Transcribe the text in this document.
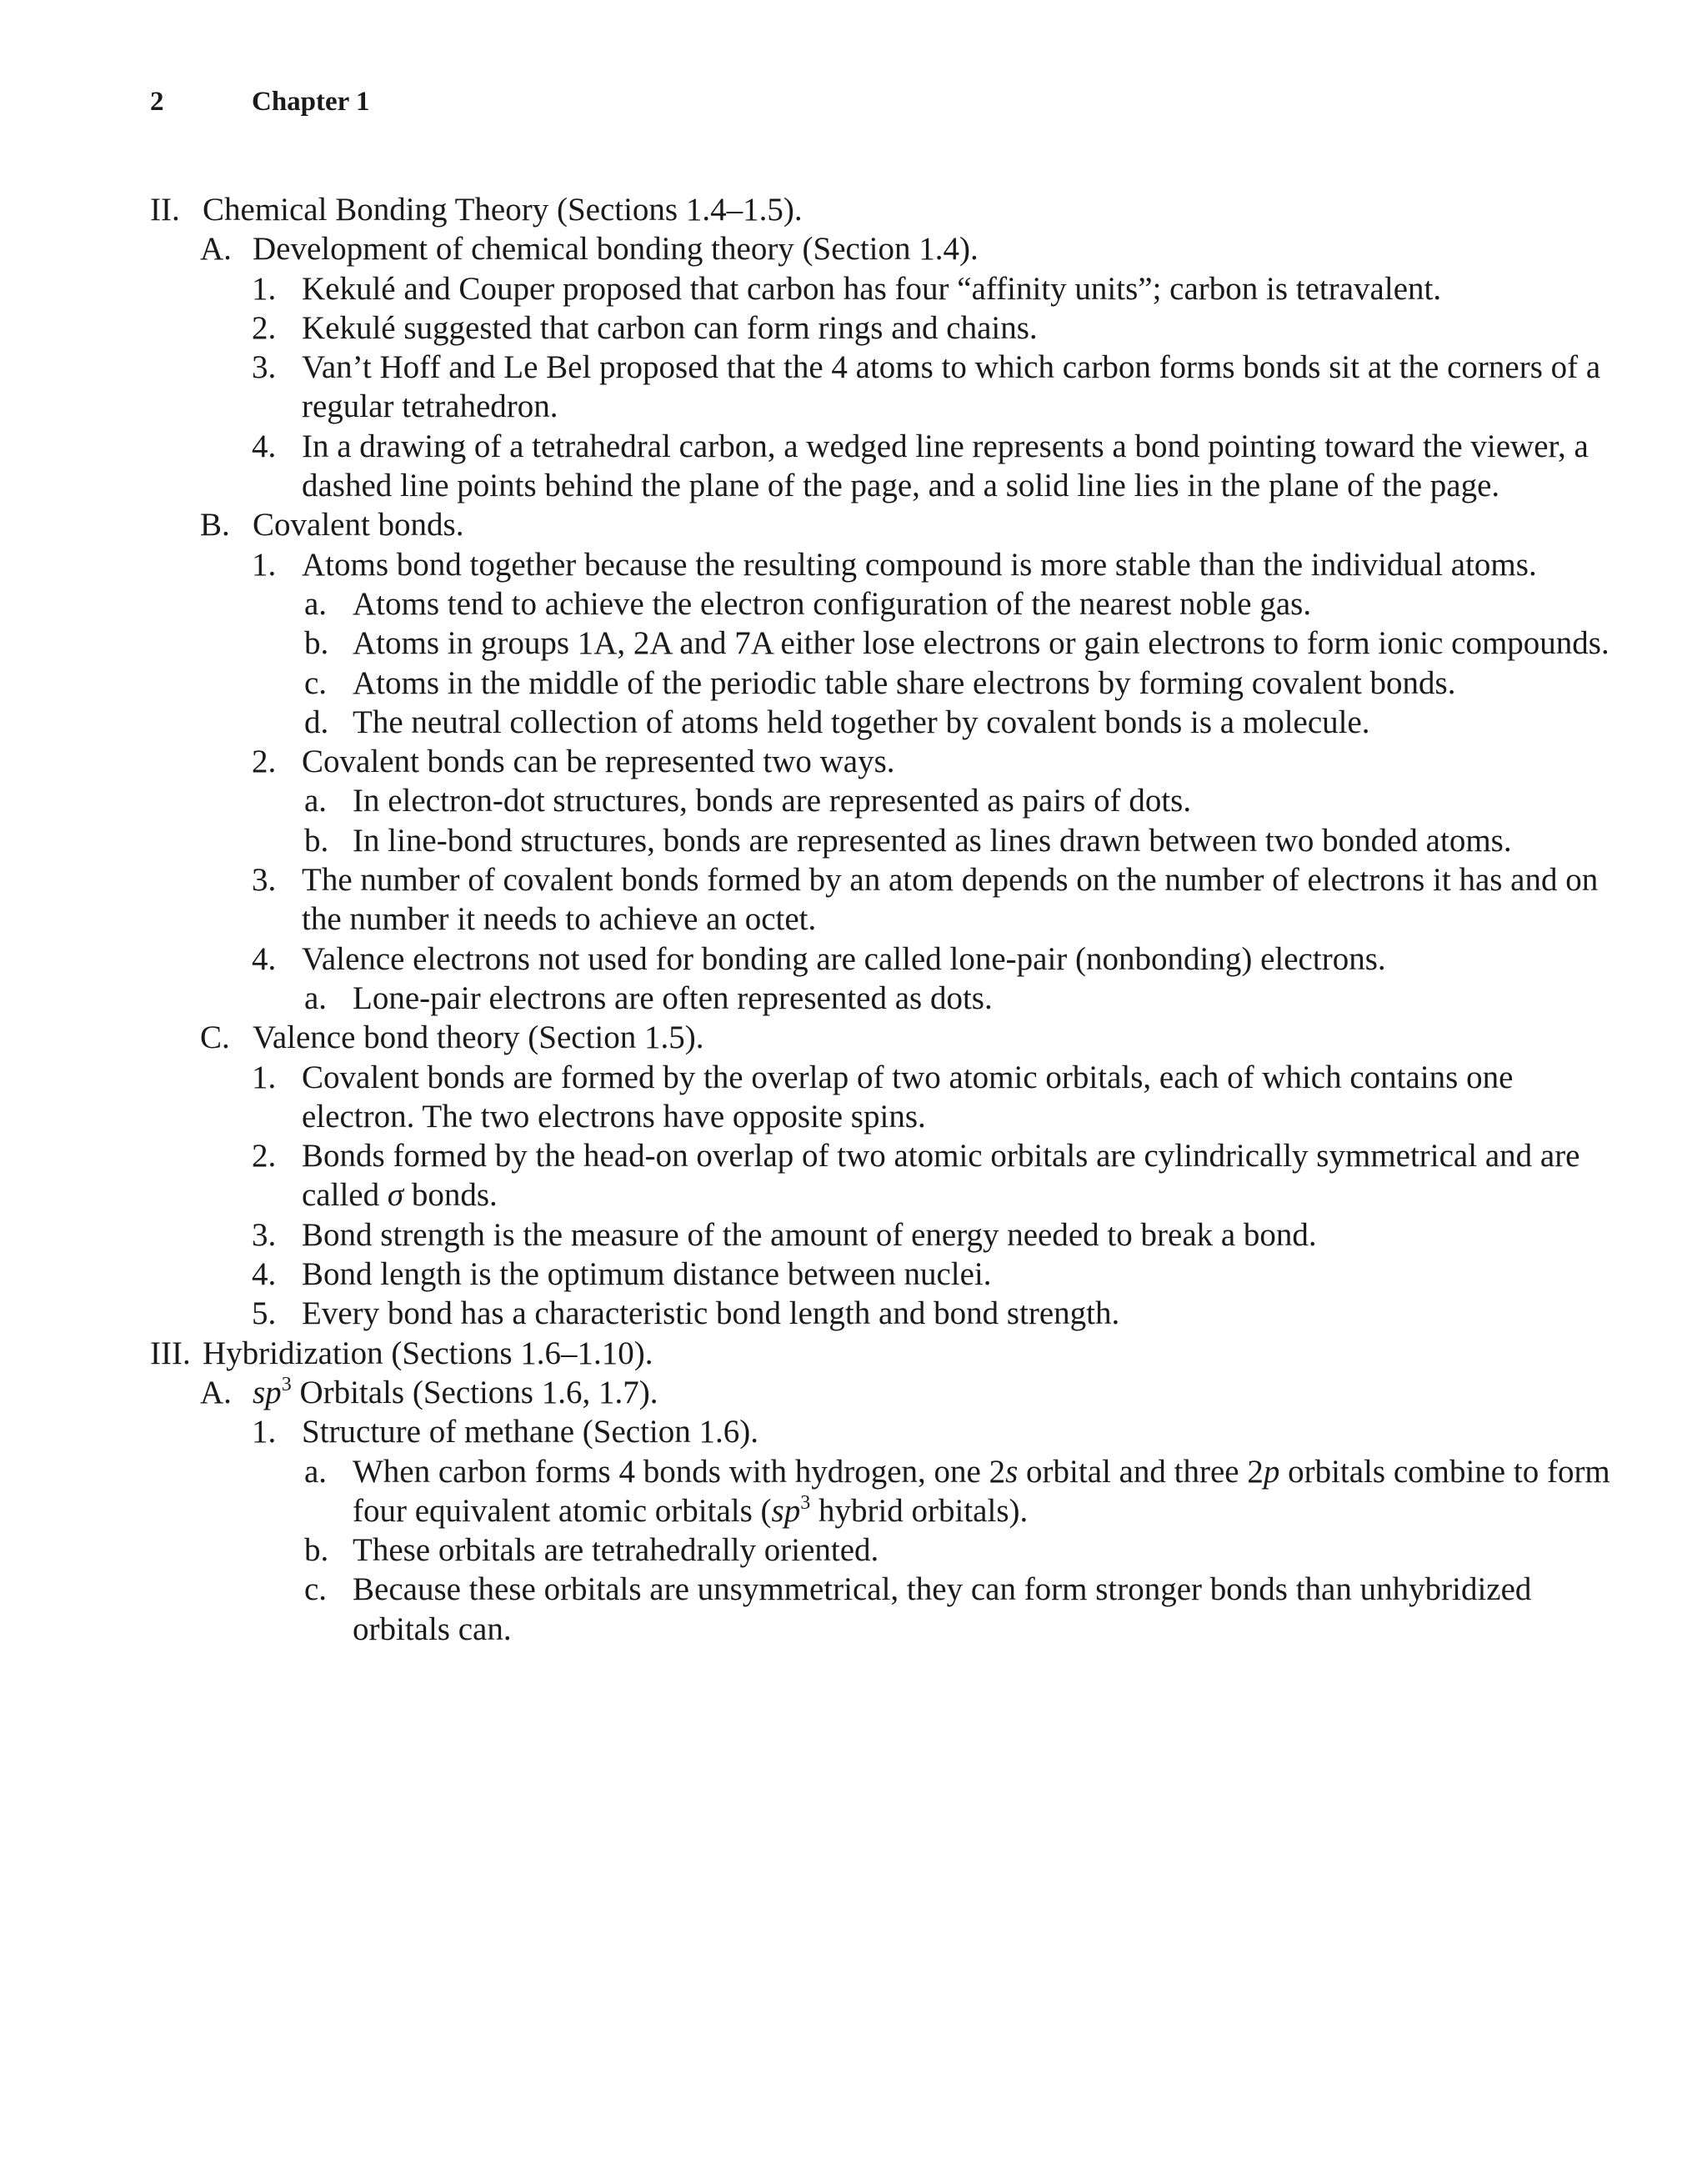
2	Chapter 1
II. Chemical Bonding Theory (Sections 1.4–1.5).
A. Development of chemical bonding theory (Section 1.4).
1. Kekulé and Couper proposed that carbon has four “affinity units”; carbon is tetravalent.
2. Kekulé suggested that carbon can form rings and chains.
3. Van’t Hoff and Le Bel proposed that the 4 atoms to which carbon forms bonds sit at the corners of a regular tetrahedron.
4. In a drawing of a tetrahedral carbon, a wedged line represents a bond pointing toward the viewer, a dashed line points behind the plane of the page, and a solid line lies in the plane of the page.
B. Covalent bonds.
1. Atoms bond together because the resulting compound is more stable than the individual atoms.
a. Atoms tend to achieve the electron configuration of the nearest noble gas.
b. Atoms in groups 1A, 2A and 7A either lose electrons or gain electrons to form ionic compounds.
c. Atoms in the middle of the periodic table share electrons by forming covalent bonds.
d. The neutral collection of atoms held together by covalent bonds is a molecule.
2. Covalent bonds can be represented two ways.
a. In electron-dot structures, bonds are represented as pairs of dots.
b. In line-bond structures, bonds are represented as lines drawn between two bonded atoms.
3. The number of covalent bonds formed by an atom depends on the number of electrons it has and on the number it needs to achieve an octet.
4. Valence electrons not used for bonding are called lone-pair (nonbonding) electrons.
a. Lone-pair electrons are often represented as dots.
C. Valence bond theory (Section 1.5).
1. Covalent bonds are formed by the overlap of two atomic orbitals, each of which contains one electron. The two electrons have opposite spins.
2. Bonds formed by the head-on overlap of two atomic orbitals are cylindrically symmetrical and are called σ bonds.
3. Bond strength is the measure of the amount of energy needed to break a bond.
4. Bond length is the optimum distance between nuclei.
5. Every bond has a characteristic bond length and bond strength.
III. Hybridization (Sections 1.6–1.10).
A. $sp^3$ Orbitals (Sections 1.6, 1.7).
1. Structure of methane (Section 1.6).
a. When carbon forms 4 bonds with hydrogen, one 2s orbital and three 2p orbitals combine to form four equivalent atomic orbitals ($sp^3$ hybrid orbitals).
b. These orbitals are tetrahedrally oriented.
c. Because these orbitals are unsymmetrical, they can form stronger bonds than unhybridized orbitals can.
